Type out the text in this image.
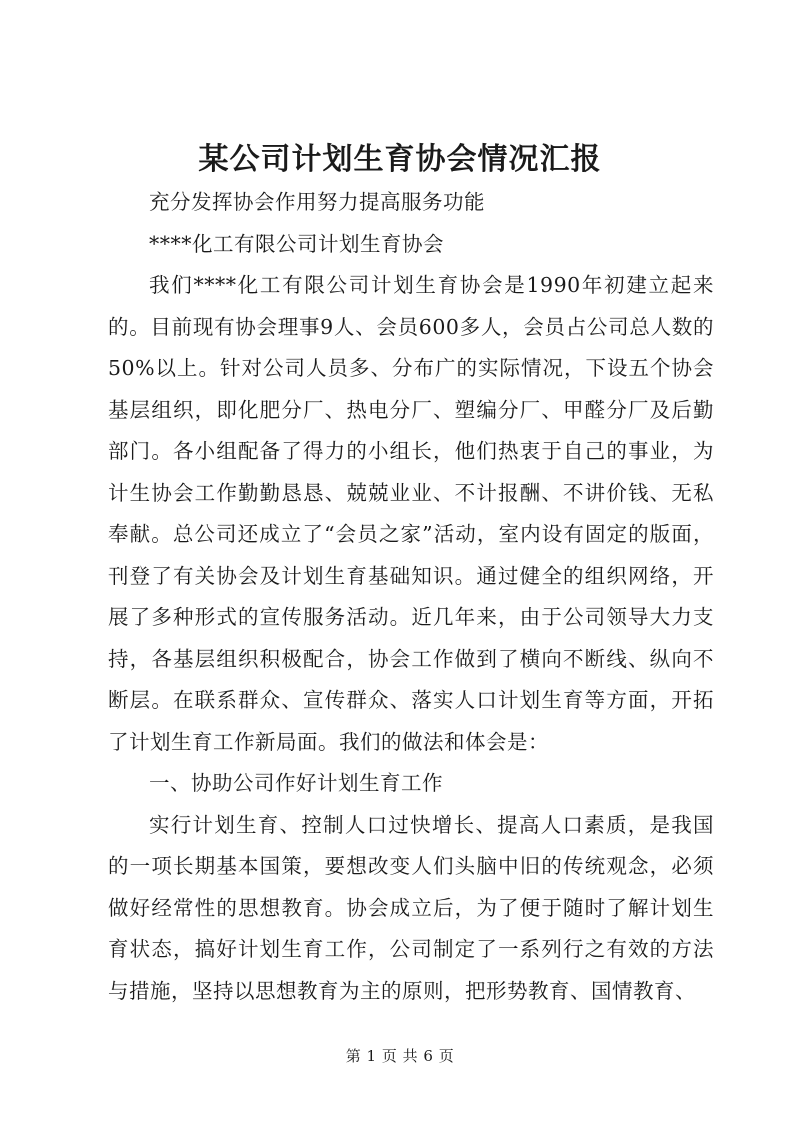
某公司计划生育协会情况汇报

充分发挥协会作用努力提高服务功能

****化工有限公司计划生育协会

我们****化工有限公司计划生育协会是1990年初建立起来的。目前现有协会理事9人、会员600多人，会员占公司总人数的50%以上。针对公司人员多、分布广的实际情况，下设五个协会基层组织，即化肥分厂、热电分厂、塑编分厂、甲醛分厂及后勤部门。各小组配备了得力的小组长，他们热衷于自己的事业，为计生协会工作勤勤恳恳、兢兢业业、不计报酬、不讲价钱、无私奉献。总公司还成立了“会员之家”活动，室内设有固定的版面，刊登了有关协会及计划生育基础知识。通过健全的组织网络，开展了多种形式的宣传服务活动。近几年来，由于公司领导大力支持，各基层组织积极配合，协会工作做到了横向不断线、纵向不断层。在联系群众、宣传群众、落实人口计划生育等方面，开拓了计划生育工作新局面。我们的做法和体会是：

一、协助公司作好计划生育工作

实行计划生育、控制人口过快增长、提高人口素质，是我国的一项长期基本国策，要想改变人们头脑中旧的传统观念，必须做好经常性的思想教育。协会成立后，为了便于随时了解计划生育状态，搞好计划生育工作，公司制定了一系列行之有效的方法与措施，坚持以思想教育为主的原则，把形势教育、国情教育、

第 1 页 共 6 页
